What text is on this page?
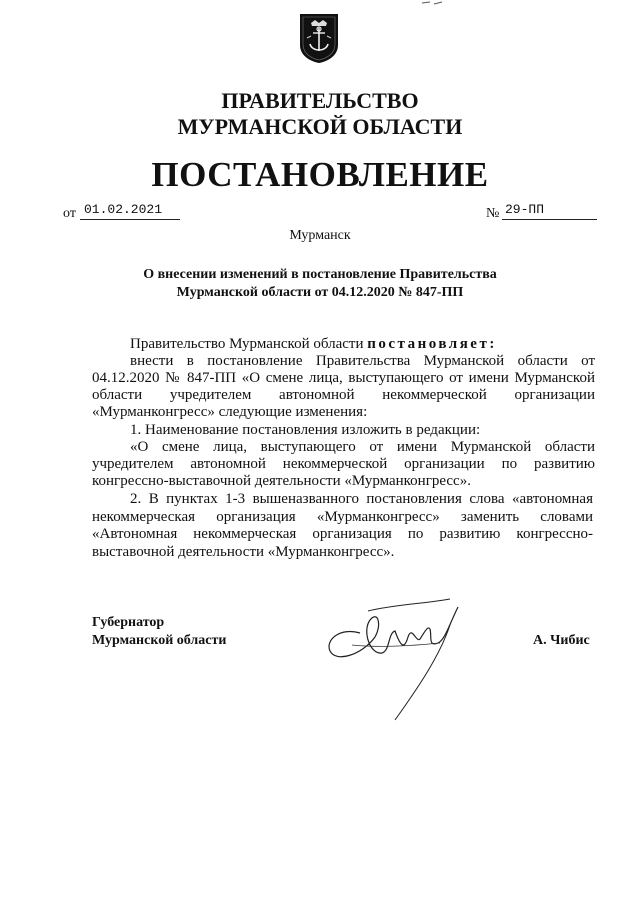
ПРАВИТЕЛЬСТВО
МУРМАНСКОЙ ОБЛАСТИ
ПОСТАНОВЛЕНИЕ
от 01.02.2021	№ 29-ПП
Мурманск
О внесении изменений в постановление Правительства
Мурманской области от 04.12.2020 № 847-ПП
Правительство Мурманской области постановляет:
внести в постановление Правительства Мурманской области от
04.12.2020 № 847-ПП «О смене лица, выступающего от имени Мурманской
области учредителем автономной некоммерческой организации
«Мурманконгресс» следующие изменения:
1. Наименование постановления изложить в редакции:
«О смене лица, выступающего от имени Мурманской области
учредителем автономной некоммерческой организации по развитию
конгрессно-выставочной деятельности «Мурманконгресс».
2. В пунктах 1-3 вышеназванного постановления слова «автономная
некоммерческая организация «Мурманконгресс» заменить словами
«Автономная некоммерческая организация по развитию конгрессно-
выставочной деятельности «Мурманконгресс».
Губернатор
Мурманской области	А. Чибис
